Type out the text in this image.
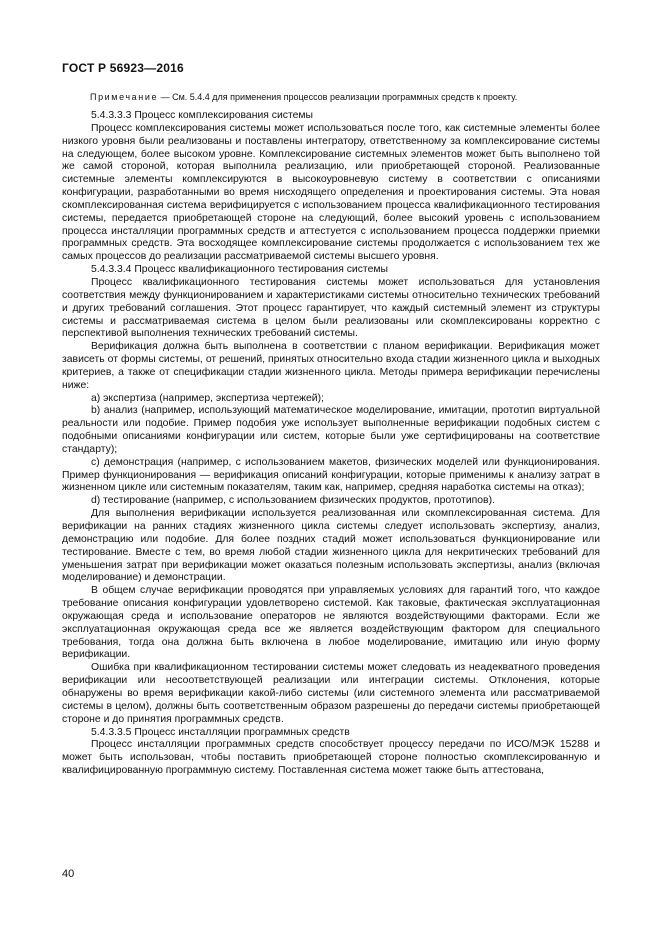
ГОСТ Р 56923—2016
Примечание — См. 5.4.4 для применения процессов реализации программных средств к проекту.

5.4.3.3.3 Процесс комплексирования системы

Процесс комплексирования системы может использоваться после того, как системные элементы более низкого уровня были реализованы и поставлены интегратору, ответственному за комплексирование системы на следующем, более высоком уровне. Комплексирование системных элементов может быть выполнено той же самой стороной, которая выполнила реализацию, или приобретающей стороной. Реализованные системные элементы комплексируются в высокоуровневую систему в соответствии с описаниями конфигурации, разработанными во время нисходящего определения и проектирования системы. Эта новая скомплексированная система верифицируется с использованием процесса квалификационного тестирования системы, передается приобретающей стороне на следующий, более высокий уровень с использованием процесса инсталляции программных средств и аттестуется с использованием процесса поддержки приемки программных средств. Эта восходящее комплексирование системы продолжается с использованием тех же самых процессов до реализации рассматриваемой системы высшего уровня.

5.4.3.3.4 Процесс квалификационного тестирования системы

Процесс квалификационного тестирования системы может использоваться для установления соответствия между функционированием и характеристиками системы относительно технических требований и других требований соглашения. Этот процесс гарантирует, что каждый системный элемент из структуры системы и рассматриваемая система в целом были реализованы или скомплексированы корректно с перспективой выполнения технических требований системы.

Верификация должна быть выполнена в соответствии с планом верификации. Верификация может зависеть от формы системы, от решений, принятых относительно входа стадии жизненного цикла и выходных критериев, а также от спецификации стадии жизненного цикла. Методы примера верификации перечислены ниже:

a) экспертиза (например, экспертиза чертежей);

b) анализ (например, использующий математическое моделирование, имитации, прототип виртуальной реальности или подобие. Пример подобия уже использует выполненные верификации подобных систем с подобными описаниями конфигурации или систем, которые были уже сертифицированы на соответствие стандарту);

c) демонстрация (например, с использованием макетов, физических моделей или функционирования. Пример функционирования — верификация описаний конфигурации, которые применимы к анализу затрат в жизненном цикле или системным показателям, таким как, например, средняя наработка системы на отказ);

d) тестирование (например, с использованием физических продуктов, прототипов).

Для выполнения верификации используется реализованная или скомплексированная система. Для верификации на ранних стадиях жизненного цикла системы следует использовать экспертизу, анализ, демонстрацию или подобие. Для более поздних стадий может использоваться функционирование или тестирование. Вместе с тем, во время любой стадии жизненного цикла для некритических требований для уменьшения затрат при верификации может оказаться полезным использовать экспертизы, анализ (включая моделирование) и демонстрации.

В общем случае верификации проводятся при управляемых условиях для гарантий того, что каждое требование описания конфигурации удовлетворено системой. Как таковые, фактическая эксплуатационная окружающая среда и использование операторов не являются воздействующими факторами. Если же эксплуатационная окружающая среда все же является воздействующим фактором для специального требования, тогда она должна быть включена в любое моделирование, имитацию или иную форму верификации.

Ошибка при квалификационном тестировании системы может следовать из неадекватного проведения верификации или несоответствующей реализации или интеграции системы. Отклонения, которые обнаружены во время верификации какой-либо системы (или системного элемента или рассматриваемой системы в целом), должны быть соответственным образом разрешены до передачи системы приобретающей стороне и до принятия программных средств.

5.4.3.3.5 Процесс инсталляции программных средств

Процесс инсталляции программных средств способствует процессу передачи по ИСО/МЭК 15288 и может быть использован, чтобы поставить приобретающей стороне полностью скомплексированную и квалифицированную программную систему. Поставленная система может также быть аттестована,

40
